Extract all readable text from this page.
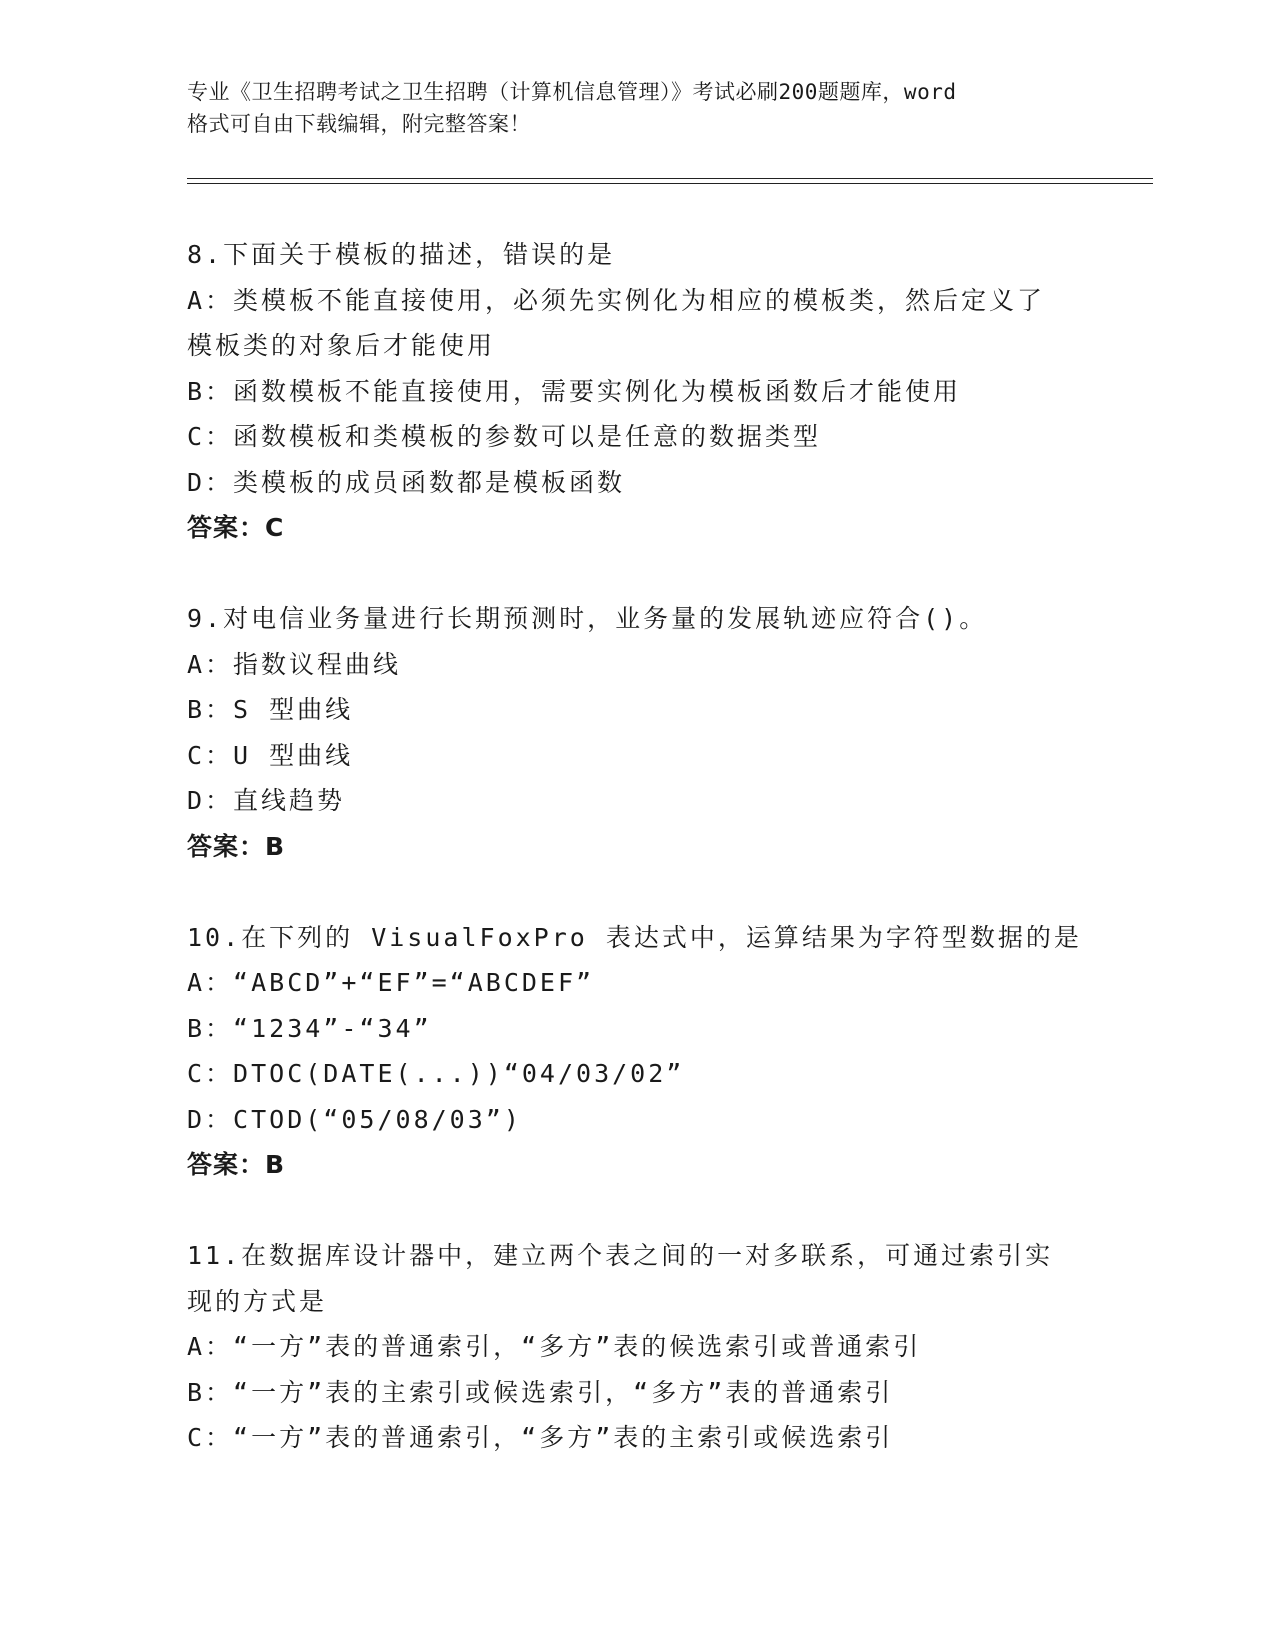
专业《卫生招聘考试之卫生招聘（计算机信息管理）》考试必刷200题题库，word
格式可自由下载编辑，附完整答案！
8.下面关于模板的描述，错误的是
A：类模板不能直接使用，必须先实例化为相应的模板类，然后定义了
模板类的对象后才能使用
B：函数模板不能直接使用，需要实例化为模板函数后才能使用
C：函数模板和类模板的参数可以是任意的数据类型
D：类模板的成员函数都是模板函数
答案：C
9.对电信业务量进行长期预测时，业务量的发展轨迹应符合()。
A：指数议程曲线
B：S 型曲线
C：U 型曲线
D：直线趋势
答案：B
10.在下列的 VisualFoxPro 表达式中，运算结果为字符型数据的是
A：“ABCD”+“EF”=“ABCDEF”
B：“1234”-“34”
C：DTOC(DATE(...))“04/03/02”
D：CTOD(“05/08/03”)
答案：B
11.在数据库设计器中，建立两个表之间的一对多联系，可通过索引实
现的方式是
A：“一方”表的普通索引，“多方”表的候选索引或普通索引
B：“一方”表的主索引或候选索引，“多方”表的普通索引
C：“一方”表的普通索引，“多方”表的主索引或候选索引
